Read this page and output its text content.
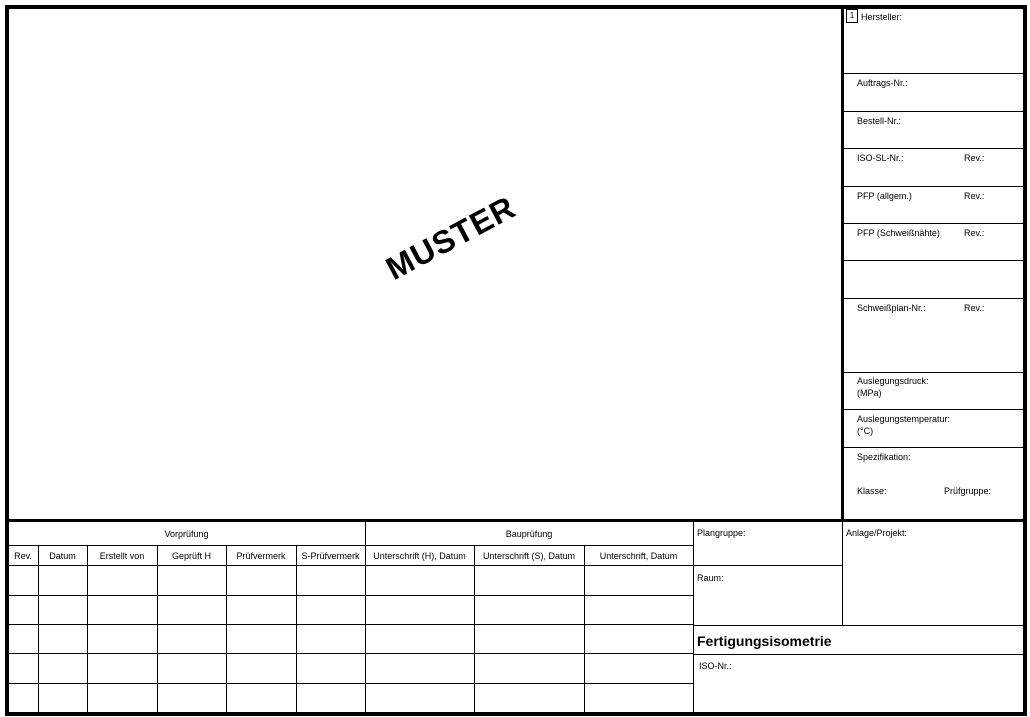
MUSTER
1 Hersteller:
Auftrags-Nr.:
Bestell-Nr.:
ISO-SL-Nr.:	Rev.:
PFP (allgem.)	Rev.:
PFP (Schweißnähte)	Rev.:
Schweißplan-Nr.:	Rev.:
Auslegungsdruck:
(MPa)
Auslegungstemperatur:
(°C)
Spezifikation:
Klasse:	Prüfgruppe:
Vorprüfung	Bauprüfung
Rev.	Datum	Erstellt von	Geprüft H	Prüfvermerk	S-Prüfvermerk	Unterschrift (H), Datum	Unterschrift (S), Datum	Unterschrift, Datum
Plangruppe:
Raum:
Anlage/Projekt:
Fertigungsisometrie
ISO-Nr.:
